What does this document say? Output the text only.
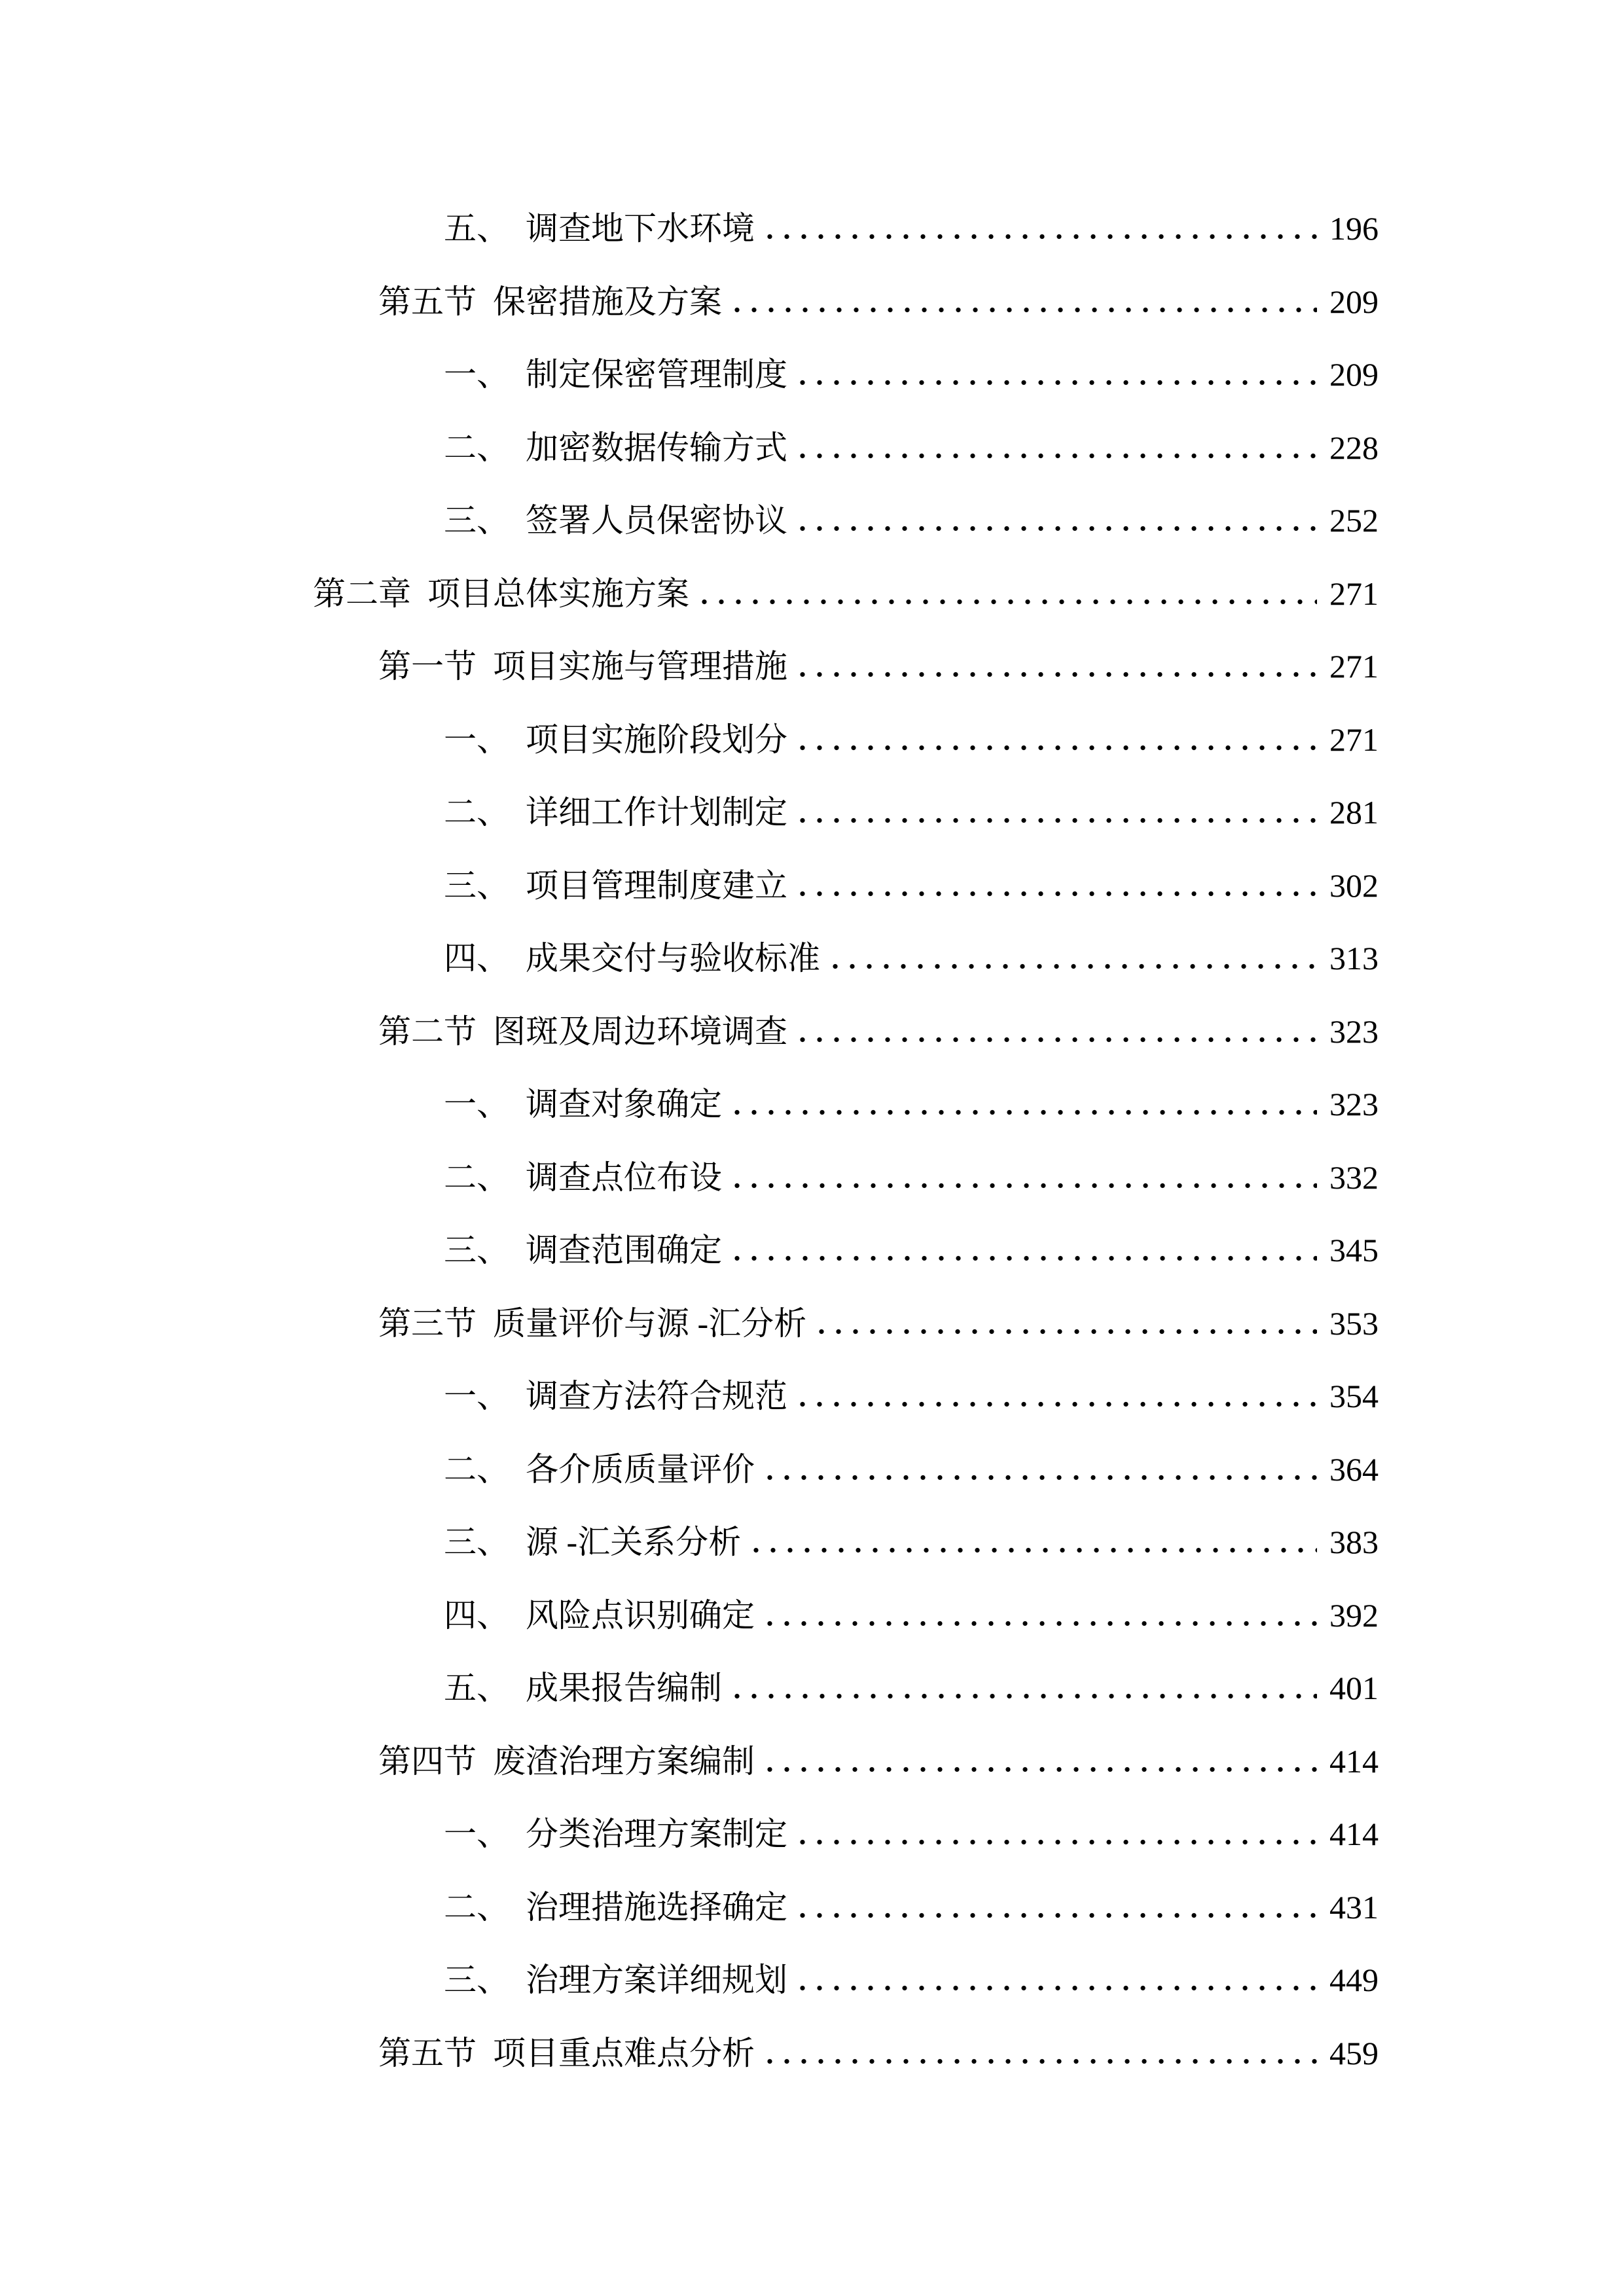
五、 调查地下水环境	196
第五节 保密措施及方案	209
一、 制定保密管理制度	209
二、 加密数据传输方式	228
三、 签署人员保密协议	252
第二章 项目总体实施方案	271
第一节 项目实施与管理措施	271
一、 项目实施阶段划分	271
二、 详细工作计划制定	281
三、 项目管理制度建立	302
四、 成果交付与验收标准	313
第二节 图斑及周边环境调查	323
一、 调查对象确定	323
二、 调查点位布设	332
三、 调查范围确定	345
第三节 质量评价与源 -汇分析	353
一、 调查方法符合规范	354
二、 各介质质量评价	364
三、 源 -汇关系分析	383
四、 风险点识别确定	392
五、 成果报告编制	401
第四节 废渣治理方案编制	414
一、 分类治理方案制定	414
二、 治理措施选择确定	431
三、 治理方案详细规划	449
第五节 项目重点难点分析	459
